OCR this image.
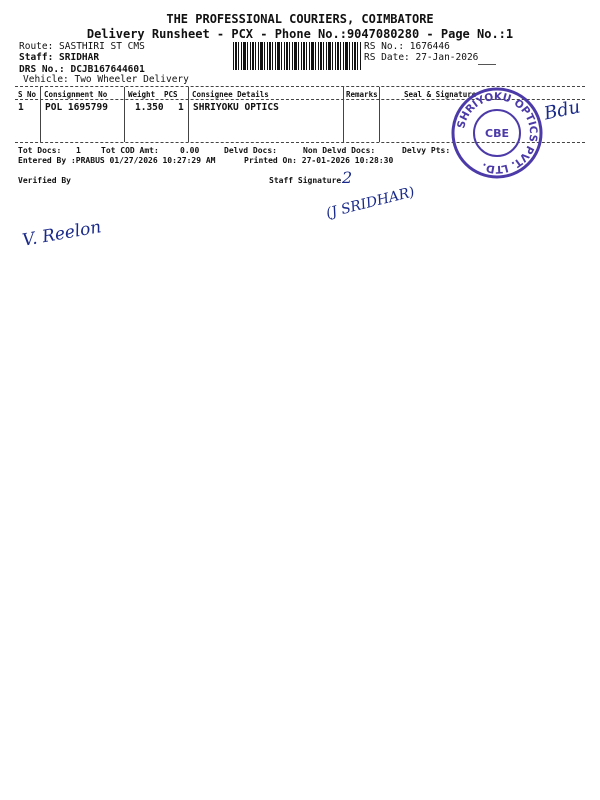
THE PROFESSIONAL COURIERS, COIMBATORE
Delivery Runsheet - PCX - Phone No.:9047080280 - Page No.:1
Route: SASTHIRI ST CMS
Staff: SRIDHAR
DRS No.: DCJB167644601
Vehicle: Two Wheeler Delivery
RS No.: 1676446
RS Date: 27-Jan-2026
S No Consignment No	Weight PCS Consignee Details	Remarks	Seal & Signature
1 POL 1695799	1.350 1 SHRIYOKU OPTICS
SHRIYOKU OPTICS PVT. LTD.
CBE
Bdu
Tot Docs: 1	Tot COD Amt:	0.00	Delvd Docs:	Non Delvd Docs:	Delvy Pts:
Entered By :PRABUS 01/27/2026 10:27:29 AM	Printed On: 27-01-2026 10:28:30
Verified By	Staff Signature 2
(J SRIDHAR)
V. Reelon
